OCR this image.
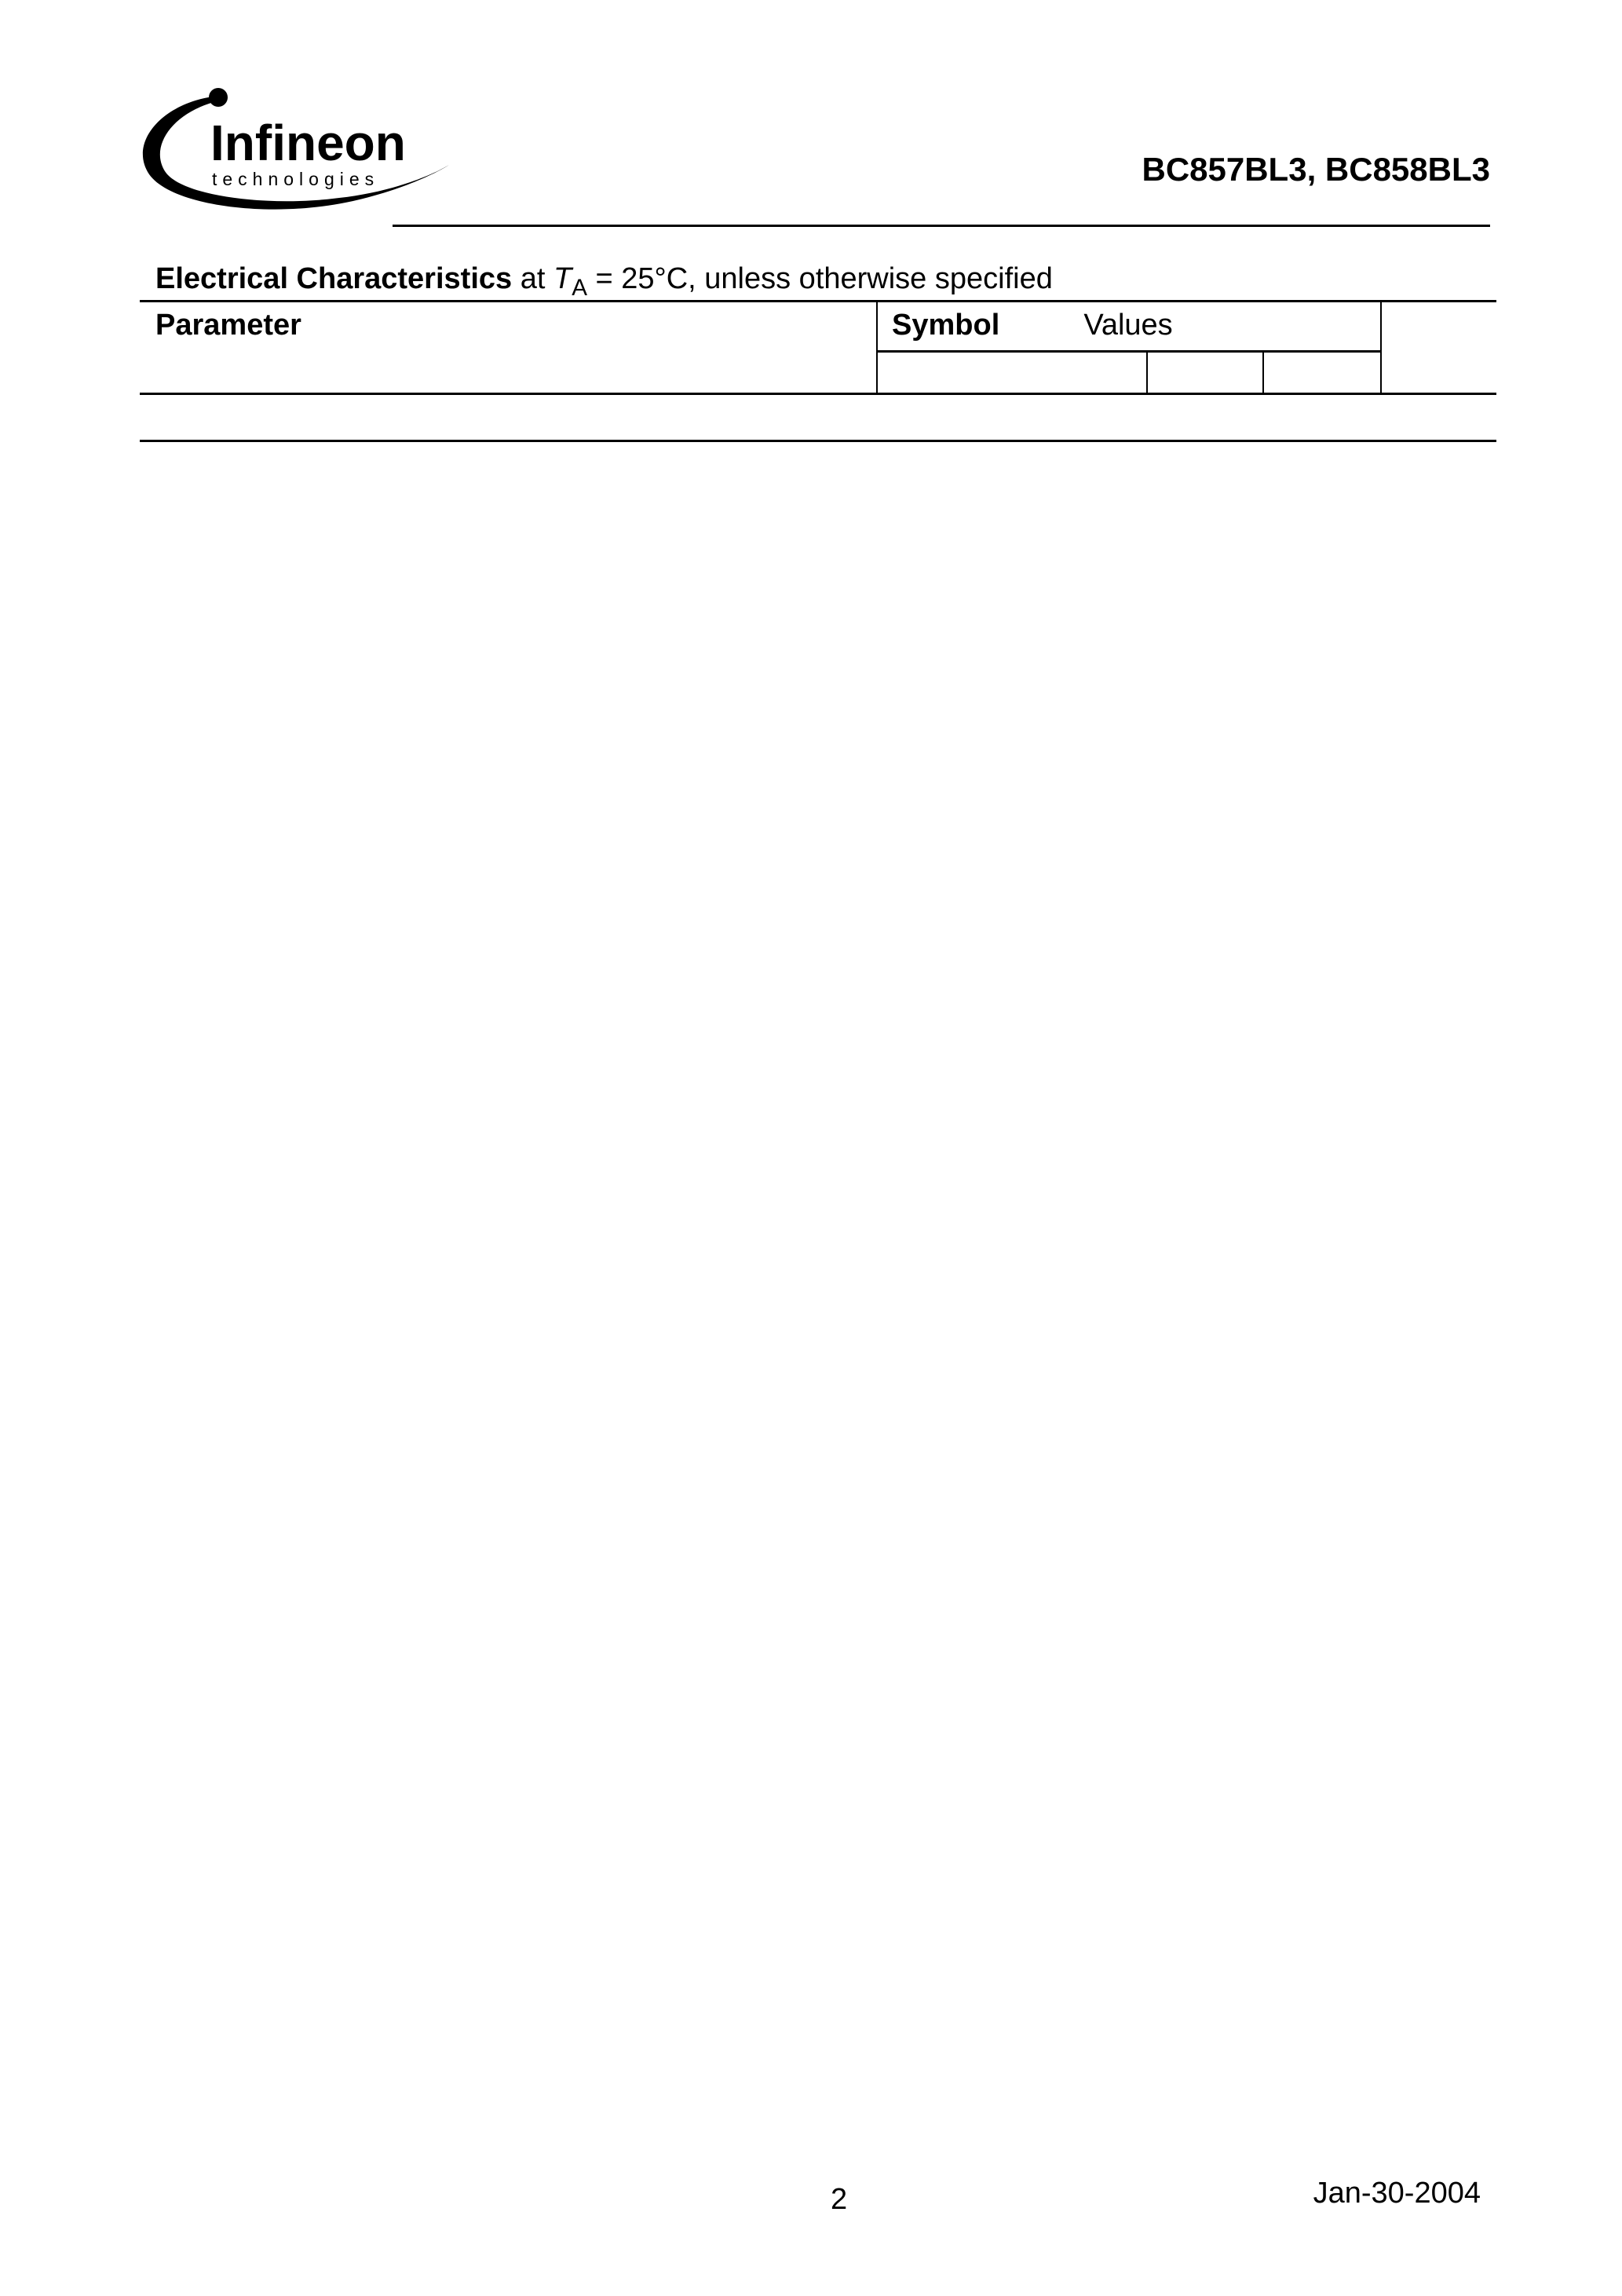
Infineon
technologies	BC857BL3, BC858BL3
Electrical Characteristics at $T_A = 25^\circ C$, unless otherwise specified
Parameter	Symbol	Values
2	Jan-30-2004
